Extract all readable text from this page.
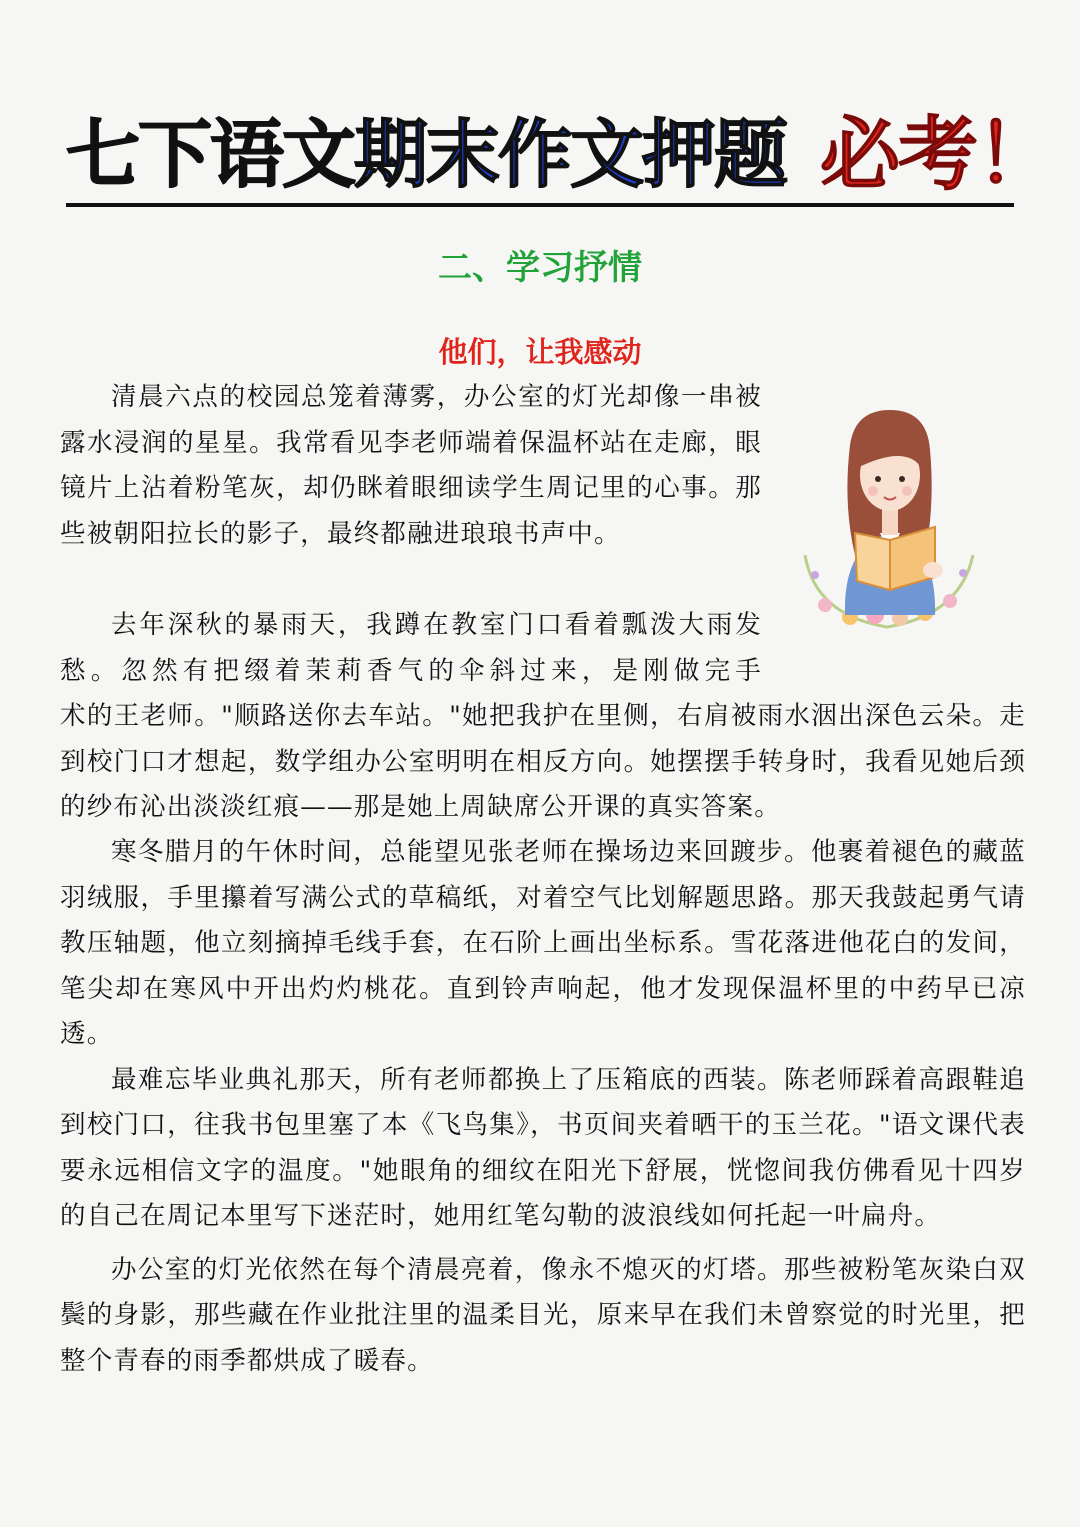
七下语文 期末作文押题 必考！
二、学习抒情
他们，让我感动

清晨六点的校园总笼着薄雾，办公室的灯光却像一串被露水浸润的星星。我常看见李老师端着保温杯站在走廊，眼镜片上沾着粉笔灰，却仍眯着眼细读学生周记里的心事。那些被朝阳拉长的影子，最终都融进琅琅书声中。

去年深秋的暴雨天，我蹲在教室门口看着瓢泼大雨发愁。忽然有把缀着茉莉香气的伞斜过来，是刚做完手
术的王老师。"顺路送你去车站。"她把我护在里侧，右肩被雨水洇出深色云朵。走到校门口才想起，数学组办公室明明在相反方向。她摆摆手转身时，我看见她后颈的纱布沁出淡淡红痕——那是她上周缺席公开课的真实答案。

寒冬腊月的午休时间，总能望见张老师在操场边来回踱步。他裹着褪色的藏蓝羽绒服，手里攥着写满公式的草稿纸，对着空气比划解题思路。那天我鼓起勇气请教压轴题，他立刻摘掉毛线手套，在石阶上画出坐标系。雪花落进他花白的发间，笔尖却在寒风中开出灼灼桃花。直到铃声响起，他才发现保温杯里的中药早已凉透。

最难忘毕业典礼那天，所有老师都换上了压箱底的西装。陈老师踩着高跟鞋追到校门口，往我书包里塞了本《飞鸟集》，书页间夹着晒干的玉兰花。"语文课代表要永远相信文字的温度。"她眼角的细纹在阳光下舒展，恍惚间我仿佛看见十四岁的自己在周记本里写下迷茫时，她用红笔勾勒的波浪线如何托起一叶扁舟。

办公室的灯光依然在每个清晨亮着，像永不熄灭的灯塔。那些被粉笔灰染白双鬓的身影，那些藏在作业批注里的温柔目光，原来早在我们未曾察觉的时光里，把整个青春的雨季都烘成了暖春。
